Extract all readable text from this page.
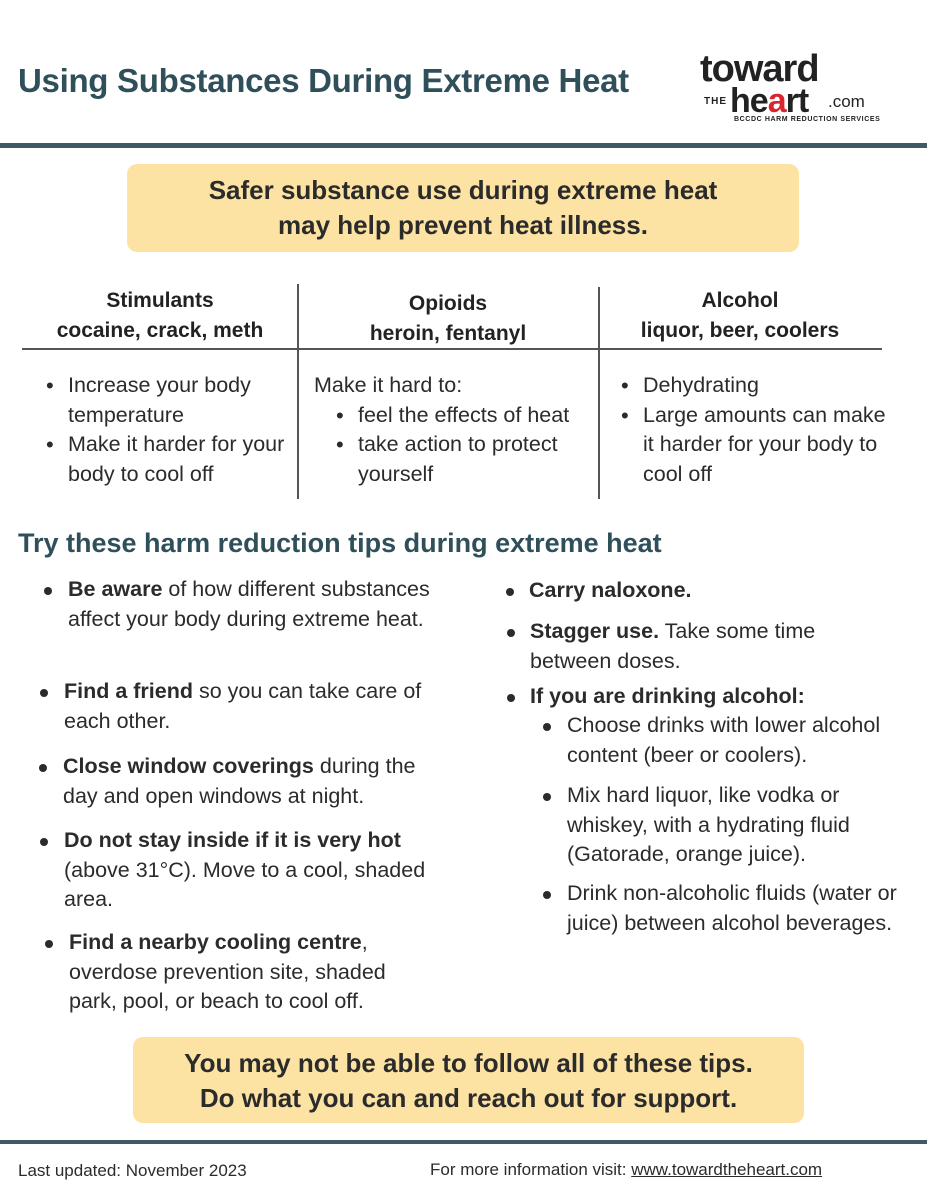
Using Substances During Extreme Heat toward
THE heart .com
BCCDC HARM REDUCTION SERVICES
Safer substance use during extreme heat
may help prevent heat illness.
Stimulants
cocaine, crack, meth
Opioids
heroin, fentanyl
Alcohol
liquor, beer, coolers
• Increase your body temperature
• Make it harder for your body to cool off
Make it hard to:
• feel the effects of heat
• take action to protect yourself
• Dehydrating
• Large amounts can make it harder for your body to cool off
Try these harm reduction tips during extreme heat
Be aware of how different substances affect your body during extreme heat.
Find a friend so you can take care of each other.
Close window coverings during the day and open windows at night.
Do not stay inside if it is very hot (above 31°C). Move to a cool, shaded area.
Find a nearby cooling centre, overdose prevention site, shaded park, pool, or beach to cool off.
Carry naloxone.
Stagger use. Take some time between doses.
If you are drinking alcohol:
Choose drinks with lower alcohol content (beer or coolers).
Mix hard liquor, like vodka or whiskey, with a hydrating fluid (Gatorade, orange juice).
Drink non-alcoholic fluids (water or juice) between alcohol beverages.
You may not be able to follow all of these tips.
Do what you can and reach out for support.
Last updated: November 2023	For more information visit: www.towardtheheart.com
